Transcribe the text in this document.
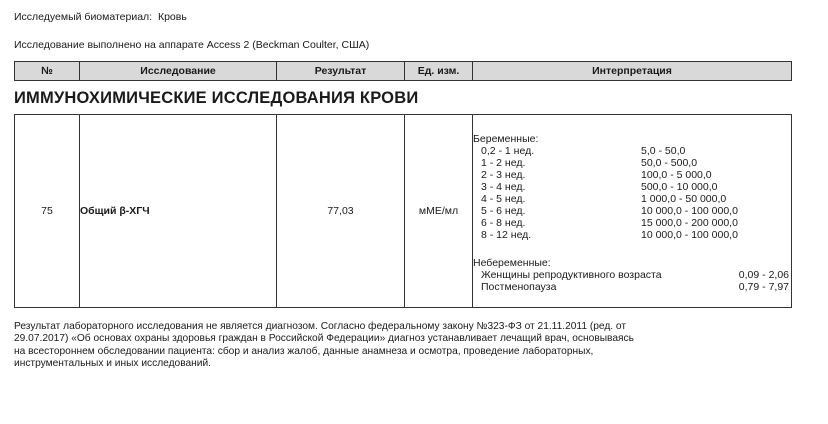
Исследуемый биоматериал: Кровь
Исследование выполнено на аппарате Access 2 (Beckman Coulter, США)
№	Исследование	Результат	Ед. изм.	Интерпретация
ИММУНОХИМИЧЕСКИЕ ИССЛЕДОВАНИЯ КРОВИ
75	Общий β-ХГЧ	77,03	мМЕ/мл	
Беременные:
0,2 - 1 нед.	5,0 - 50,0
1 - 2 нед.	50,0 - 500,0
2 - 3 нед.	100,0 - 5 000,0
3 - 4 нед.	500,0 - 10 000,0
4 - 5 нед.	1 000,0 - 50 000,0
5 - 6 нед.	10 000,0 - 100 000,0
6 - 8 нед.	15 000,0 - 200 000,0
8 - 12 нед.	10 000,0 - 100 000,0
Небеременные:
Женщины репродуктивного возраста	0,09 - 2,06
Постменопауза	0,79 - 7,97
Результат лабораторного исследования не является диагнозом. Согласно федеральному закону №323-ФЗ от 21.11.2011 (ред. от
29.07.2017) «Об основах охраны здоровья граждан в Российской Федерации» диагноз устанавливает лечащий врач, основываясь
на всестороннем обследовании пациента: сбор и анализ жалоб, данные анамнеза и осмотра, проведение лабораторных,
инструментальных и иных исследований.
